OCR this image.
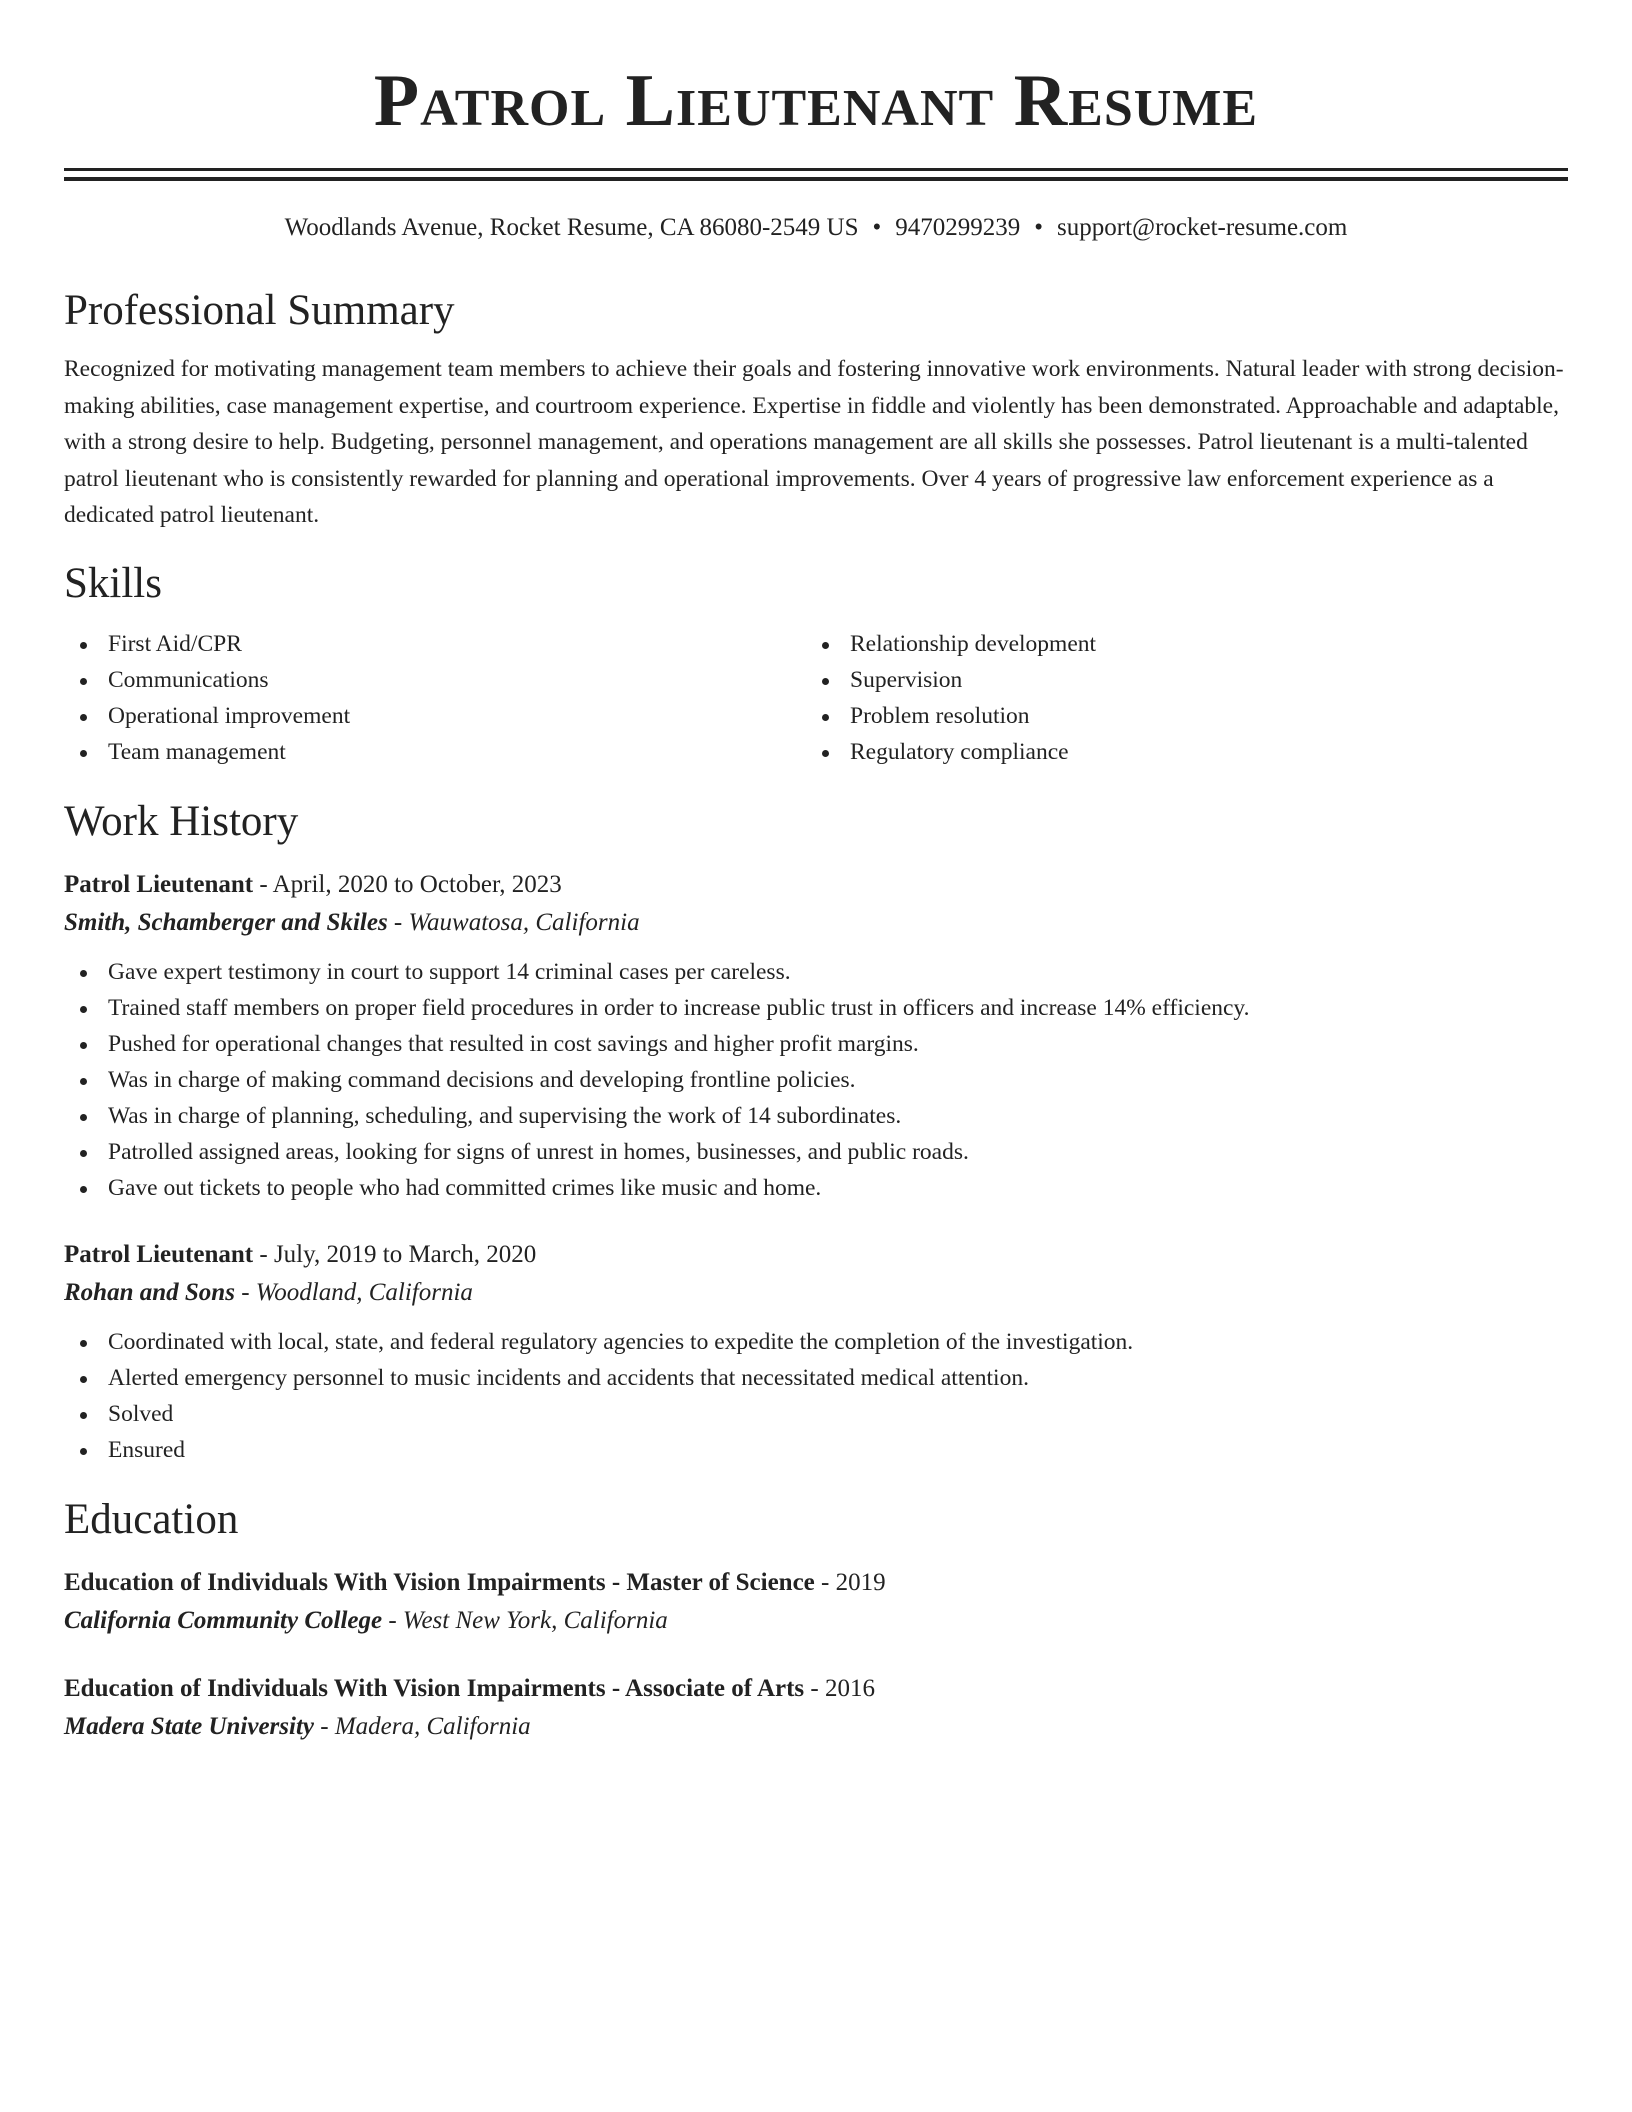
Patrol Lieutenant Resume
Woodlands Avenue, Rocket Resume, CA 86080-2549 US • 9470299239 • support@rocket-resume.com
Professional Summary

Recognized for motivating management team members to achieve their goals and fostering innovative work environments. Natural leader with strong decision-making abilities, case management expertise, and courtroom experience. Expertise in fiddle and violently has been demonstrated. Approachable and adaptable, with a strong desire to help. Budgeting, personnel management, and operations management are all skills she possesses. Patrol lieutenant is a multi-talented patrol lieutenant who is consistently rewarded for planning and operational improvements. Over 4 years of progressive law enforcement experience as a dedicated patrol lieutenant.

Skills
First Aid/CPR
Communications
Operational improvement
Team management
Relationship development
Supervision
Problem resolution
Regulatory compliance
Work History
Patrol Lieutenant - April, 2020 to October, 2023
Smith, Schamberger and Skiles - Wauwatosa, California
Gave expert testimony in court to support 14 criminal cases per careless.
Trained staff members on proper field procedures in order to increase public trust in officers and increase 14% efficiency.
Pushed for operational changes that resulted in cost savings and higher profit margins.
Was in charge of making command decisions and developing frontline policies.
Was in charge of planning, scheduling, and supervising the work of 14 subordinates.
Patrolled assigned areas, looking for signs of unrest in homes, businesses, and public roads.
Gave out tickets to people who had committed crimes like music and home.
Patrol Lieutenant - July, 2019 to March, 2020
Rohan and Sons - Woodland, California
Coordinated with local, state, and federal regulatory agencies to expedite the completion of the investigation.
Alerted emergency personnel to music incidents and accidents that necessitated medical attention.
Solved
Ensured
Education
Education of Individuals With Vision Impairments - Master of Science - 2019
California Community College - West New York, California
Education of Individuals With Vision Impairments - Associate of Arts - 2016
Madera State University - Madera, California
